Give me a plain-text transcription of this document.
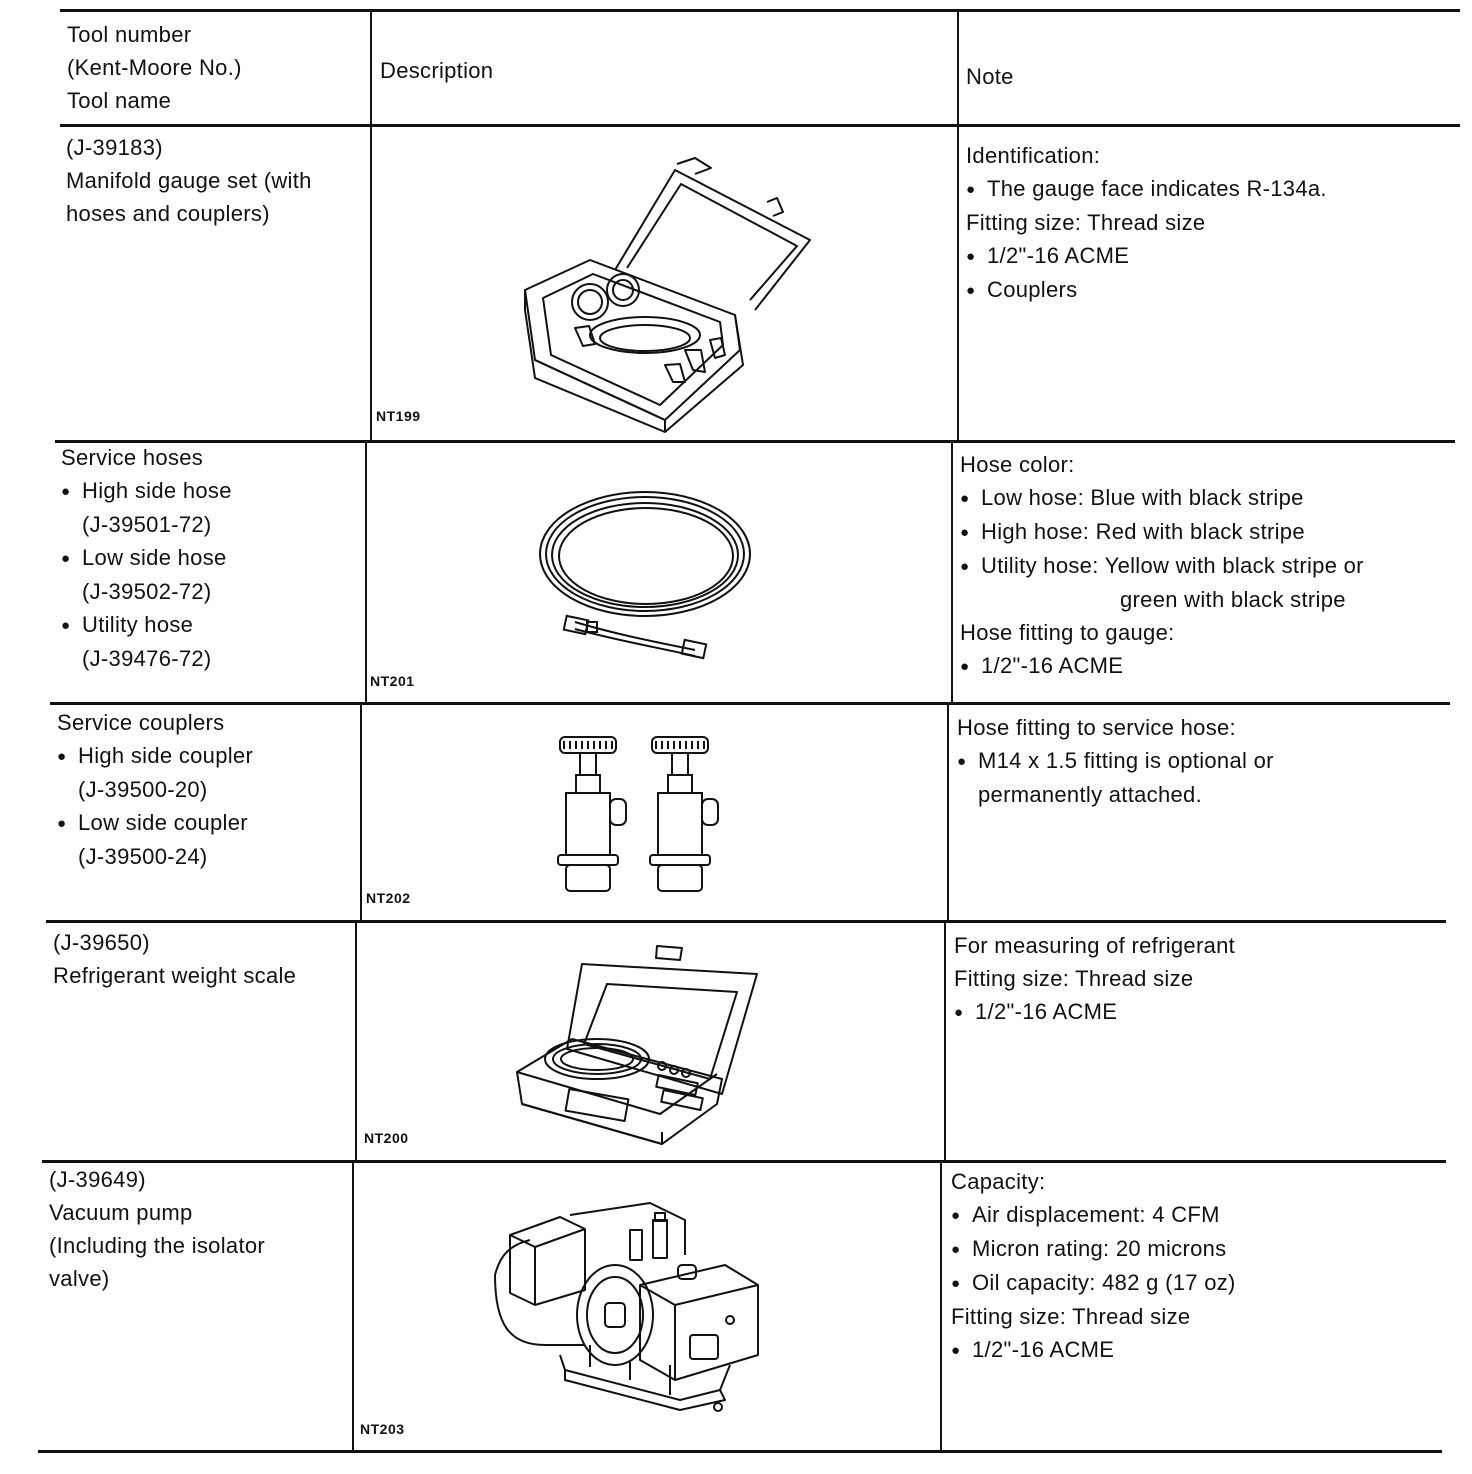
Tool number
(Kent-Moore No.)
Tool name
Description	Note
(J-39183)
Manifold gauge set (with
hoses and couplers)
Identification:
● The gauge face indicates R-134a.
Fitting size: Thread size
● 1/2"-16 ACME
● Couplers
NT199
Service hoses
● High side hose
(J-39501-72)
● Low side hose
(J-39502-72)
● Utility hose
(J-39476-72)
Hose color:
● Low hose: Blue with black stripe
● High hose: Red with black stripe
● Utility hose: Yellow with black stripe or
green with black stripe
Hose fitting to gauge:
● 1/2"-16 ACME
NT201
Service couplers
● High side coupler
(J-39500-20)
● Low side coupler
(J-39500-24)
Hose fitting to service hose:
● M14 x 1.5 fitting is optional or
permanently attached.
NT202
(J-39650)
Refrigerant weight scale
For measuring of refrigerant
Fitting size: Thread size
● 1/2"-16 ACME
NT200
(J-39649)
Vacuum pump
(Including the isolator
valve)
Capacity:
● Air displacement: 4 CFM
● Micron rating: 20 microns
● Oil capacity: 482 g (17 oz)
Fitting size: Thread size
● 1/2"-16 ACME
NT203
